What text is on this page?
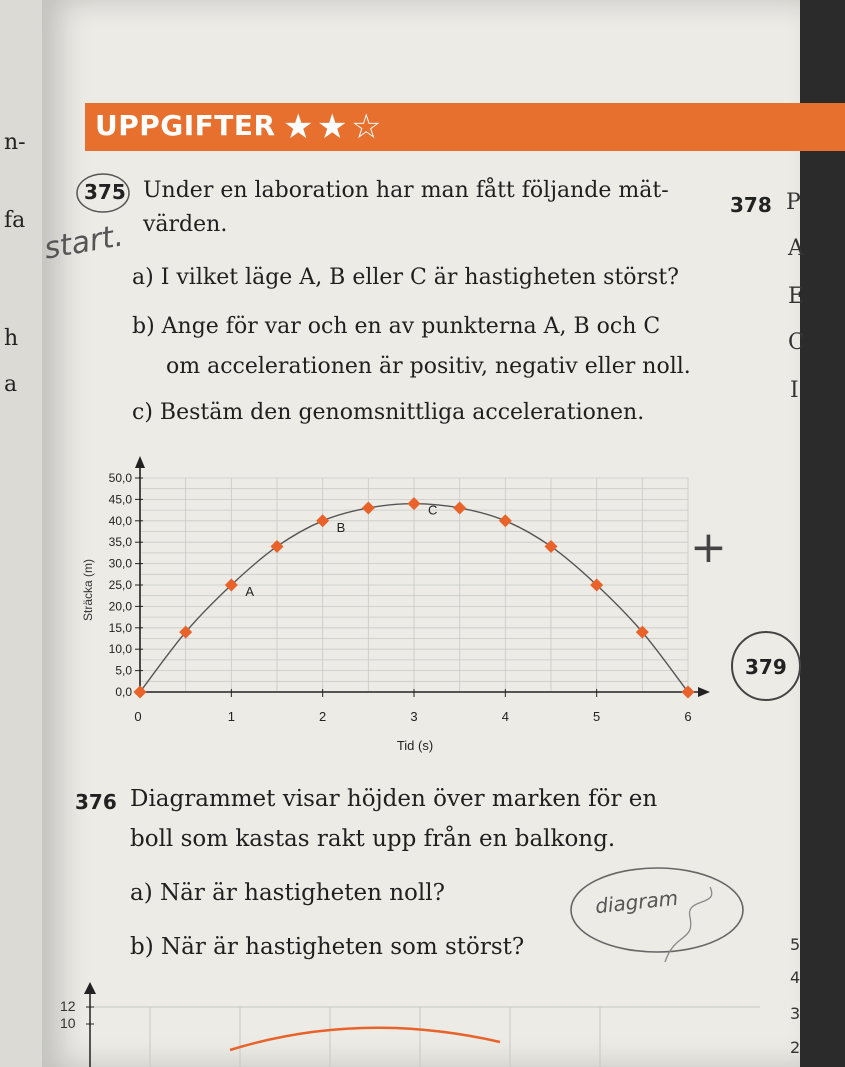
n-
fa
h
a
UPPGIFTER ★ ★ ☆
375 Under en laboration har man fått följande mät-
värden.
a) I vilket läge A, B eller C är hastigheten störst?
b) Ange för var och en av punkterna A, B och C
om accelerationen är positiv, negativ eller noll.
c) Bestäm den genomsnittliga accelerationen.
start.
+
378 P
A
E
C
I
379
5
4
3
2
0,0
5,0
10,0
15,0
20,0
25,0
30,0
35,0
40,0
45,0
50,0
0	1	2	3	4	5	6
A
B
C
Tid (s)
Sträcka (m)
376 Diagrammet visar höjden över marken för en
boll som kastas rakt upp från en balkong.
a) När är hastigheten noll?
b) När är hastigheten som störst?
diagram
12
10
